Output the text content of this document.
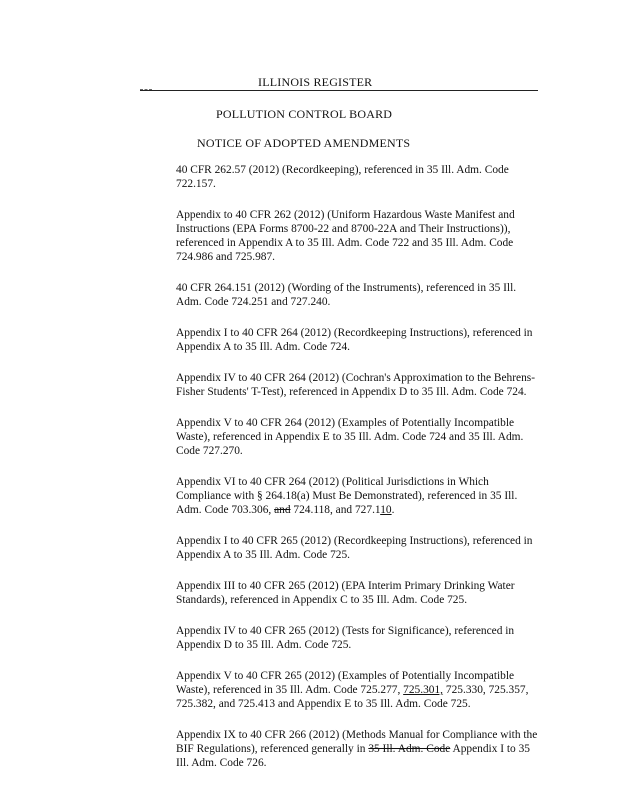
ILLINOIS REGISTER
POLLUTION CONTROL BOARD
NOTICE OF ADOPTED AMENDMENTS

40 CFR 262.57 (2012) (Recordkeeping), referenced in 35 Ill. Adm. Code 722.157.

Appendix to 40 CFR 262 (2012) (Uniform Hazardous Waste Manifest and Instructions (EPA Forms 8700-22 and 8700-22A and Their Instructions)), referenced in Appendix A to 35 Ill. Adm. Code 722 and 35 Ill. Adm. Code 724.986 and 725.987.

40 CFR 264.151 (2012) (Wording of the Instruments), referenced in 35 Ill. Adm. Code 724.251 and 727.240.

Appendix I to 40 CFR 264 (2012) (Recordkeeping Instructions), referenced in Appendix A to 35 Ill. Adm. Code 724.

Appendix IV to 40 CFR 264 (2012) (Cochran's Approximation to the Behrens-Fisher Students' T-Test), referenced in Appendix D to 35 Ill. Adm. Code 724.

Appendix V to 40 CFR 264 (2012) (Examples of Potentially Incompatible Waste), referenced in Appendix E to 35 Ill. Adm. Code 724 and 35 Ill. Adm. Code 727.270.

Appendix VI to 40 CFR 264 (2012) (Political Jurisdictions in Which Compliance with § 264.18(a) Must Be Demonstrated), referenced in 35 Ill. Adm. Code 703.306, and 724.118, and 727.110.

Appendix I to 40 CFR 265 (2012) (Recordkeeping Instructions), referenced in Appendix A to 35 Ill. Adm. Code 725.

Appendix III to 40 CFR 265 (2012) (EPA Interim Primary Drinking Water Standards), referenced in Appendix C to 35 Ill. Adm. Code 725.

Appendix IV to 40 CFR 265 (2012) (Tests for Significance), referenced in Appendix D to 35 Ill. Adm. Code 725.

Appendix V to 40 CFR 265 (2012) (Examples of Potentially Incompatible Waste), referenced in 35 Ill. Adm. Code 725.277, 725.301, 725.330, 725.357, 725.382, and 725.413 and Appendix E to 35 Ill. Adm. Code 725.

Appendix IX to 40 CFR 266 (2012) (Methods Manual for Compliance with the BIF Regulations), referenced generally in 35 Ill. Adm. Code Appendix I to 35 Ill. Adm. Code 726.
